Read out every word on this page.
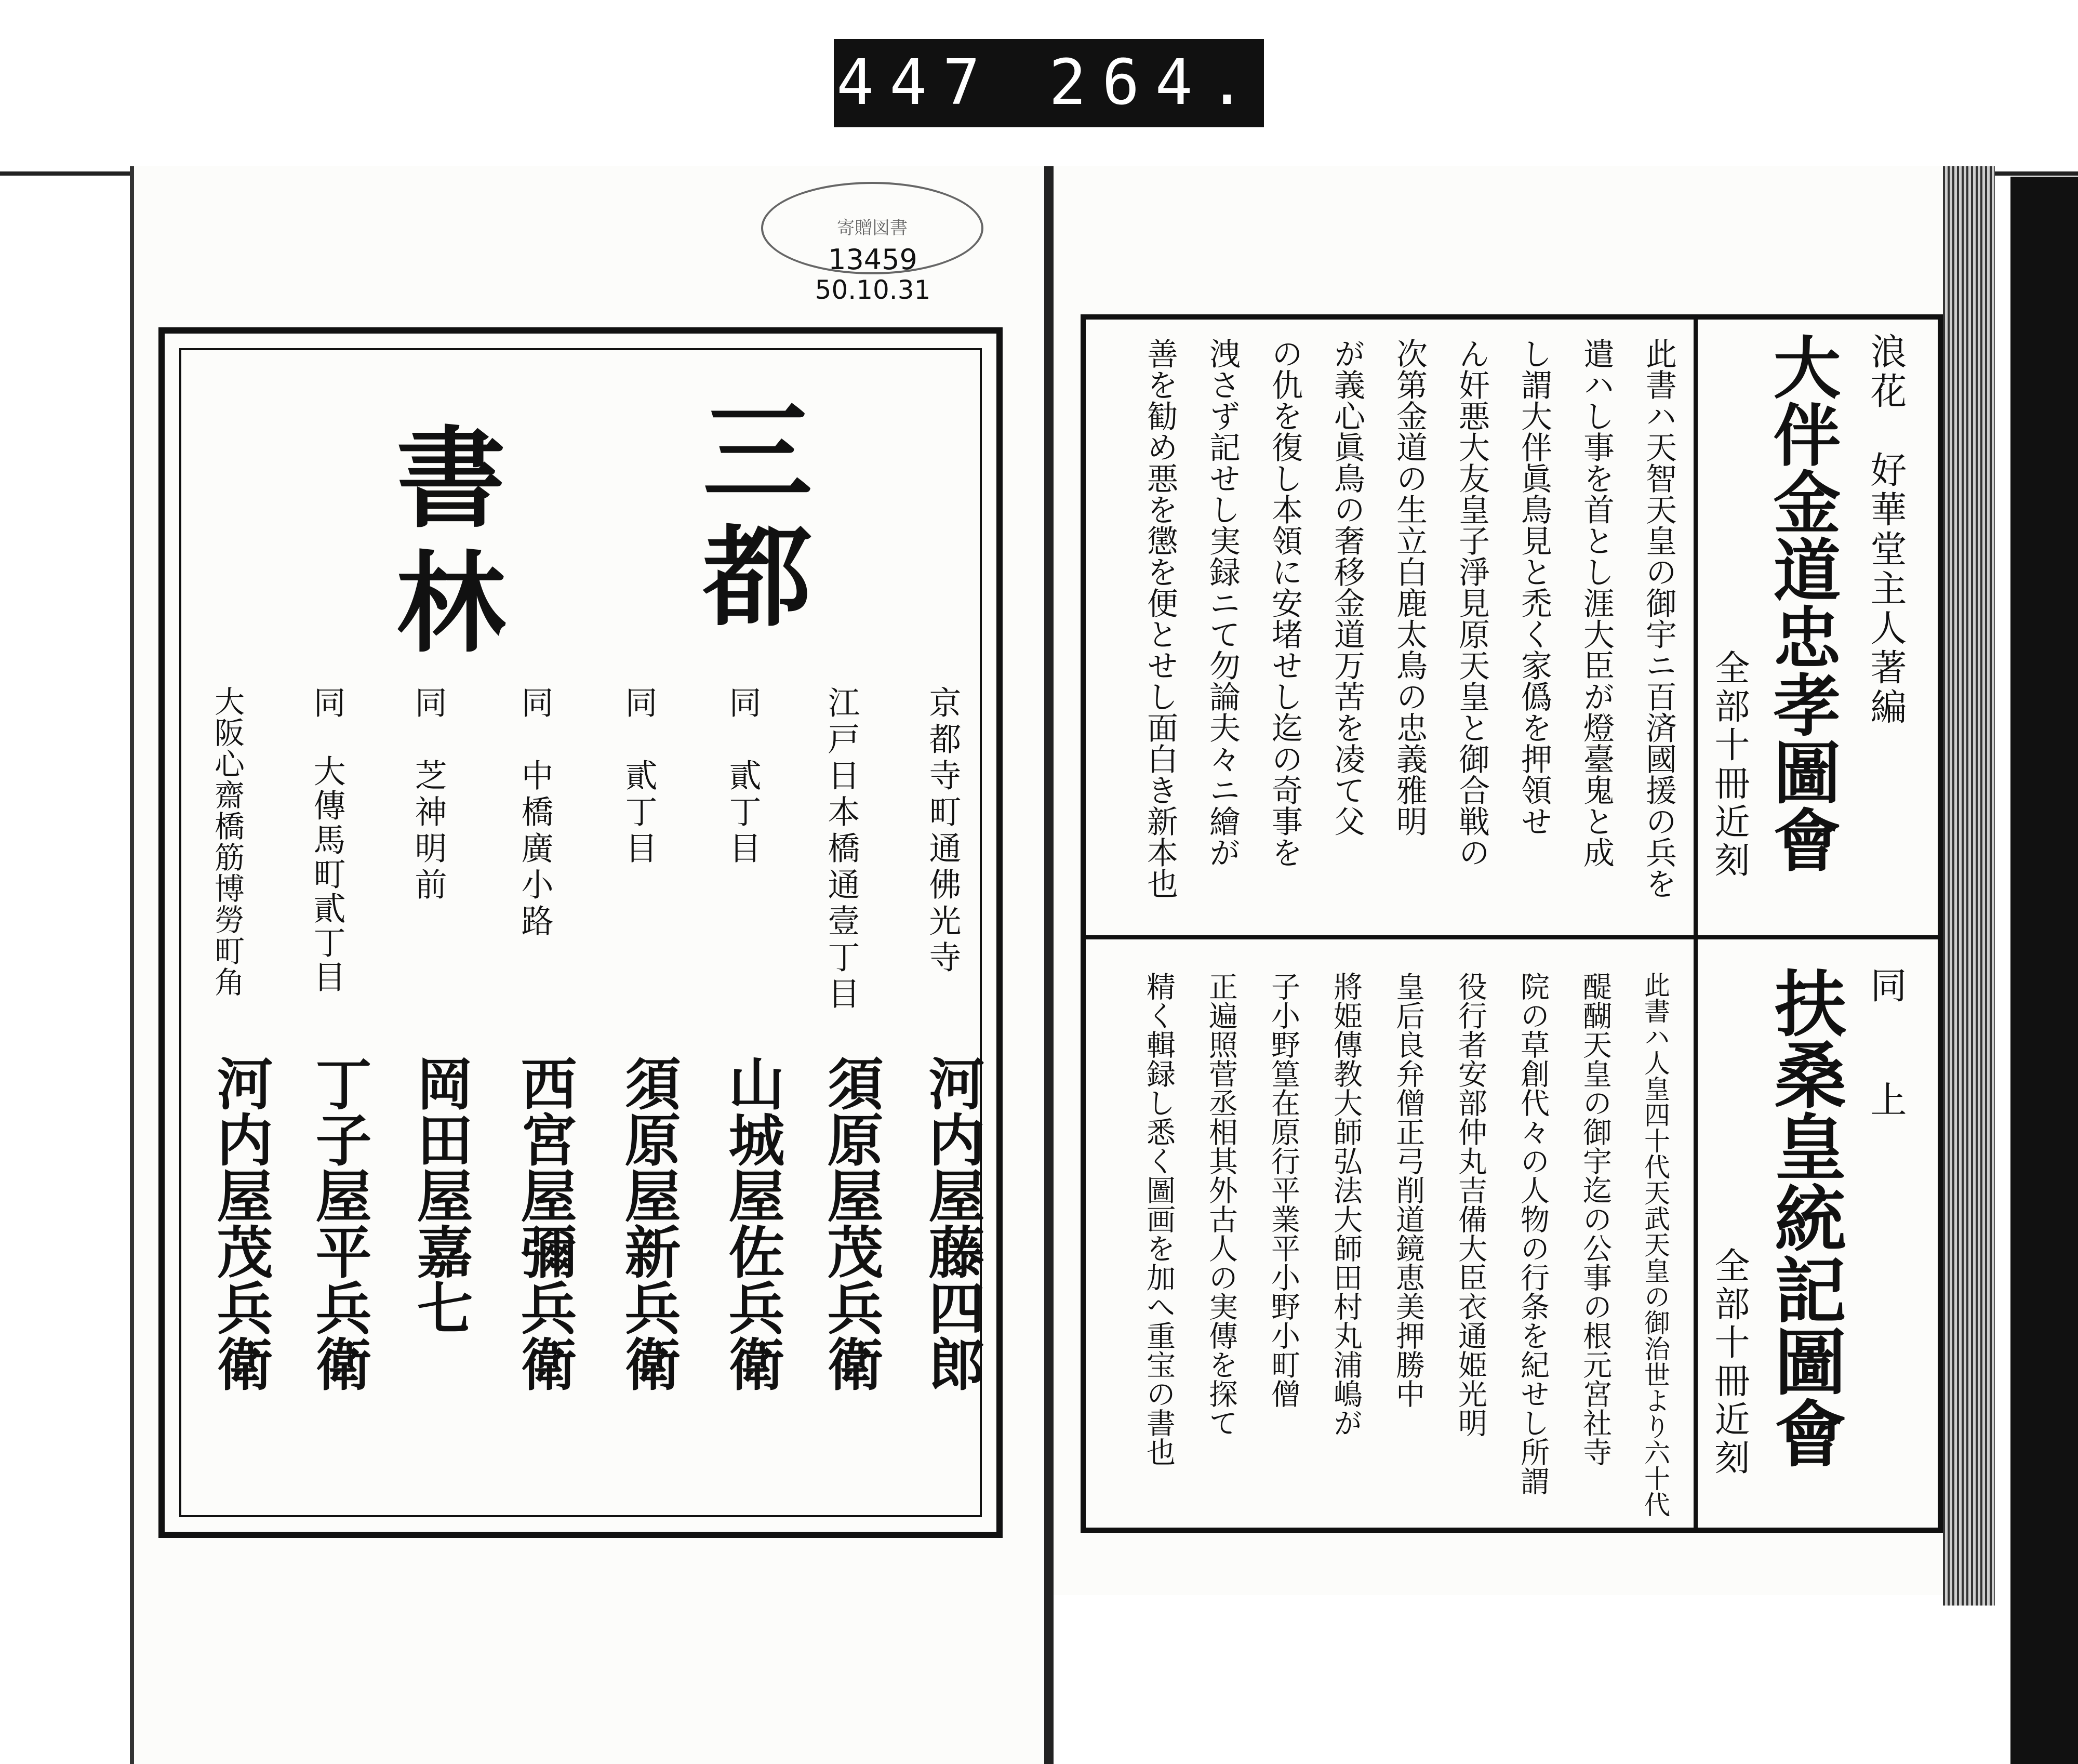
447 264.
寄贈図書
13459
50.10.31
三都
書林
京都寺町通佛光寺
河内屋藤四郎
江戸日本橋通壹丁目
須原屋茂兵衛
同　貳丁目
山城屋佐兵衛
同　貳丁目
須原屋新兵衛
同　中橋廣小路
西宮屋彌兵衛
同　芝神明前
岡田屋嘉七
同　大傳馬町貳丁目
丁子屋平兵衛
大阪心齋橋筋博勞町角
河内屋茂兵衛
浪花　好華堂主人著編
大伴金道忠孝圖會
全部十冊近刻
此書ハ天智天皇の御宇ニ百済國援の兵を
遣ハし事を首とし涯大臣が燈臺鬼と成
し謂大伴眞鳥見と禿く家僞を押領せ
ん奸悪大友皇子淨見原天皇と御合戦の
次第金道の生立白鹿太鳥の忠義雅明
が義心眞鳥の奢移金道万苦を凌て父
の仇を復し本領に安堵せし迄の奇事を
洩さず記せし実録ニて勿論夫々ニ繪が
善を勧め悪を懲を便とせし面白き新本也
同　上
扶桑皇統記圖會
全部十冊近刻
此書ハ人皇四十代天武天皇の御治世より六十代
醍醐天皇の御宇迄の公事の根元宮社寺
院の草創代々の人物の行条を紀せし所謂
役行者安部仲丸吉備大臣衣通姫光明
皇后良弁僧正弓削道鏡恵美押勝中
將姫傳教大師弘法大師田村丸浦嶋が
子小野篁在原行平業平小野小町僧
正遍照菅丞相其外古人の実傳を探て
精く輯録し悉く圖画を加へ重宝の書也
